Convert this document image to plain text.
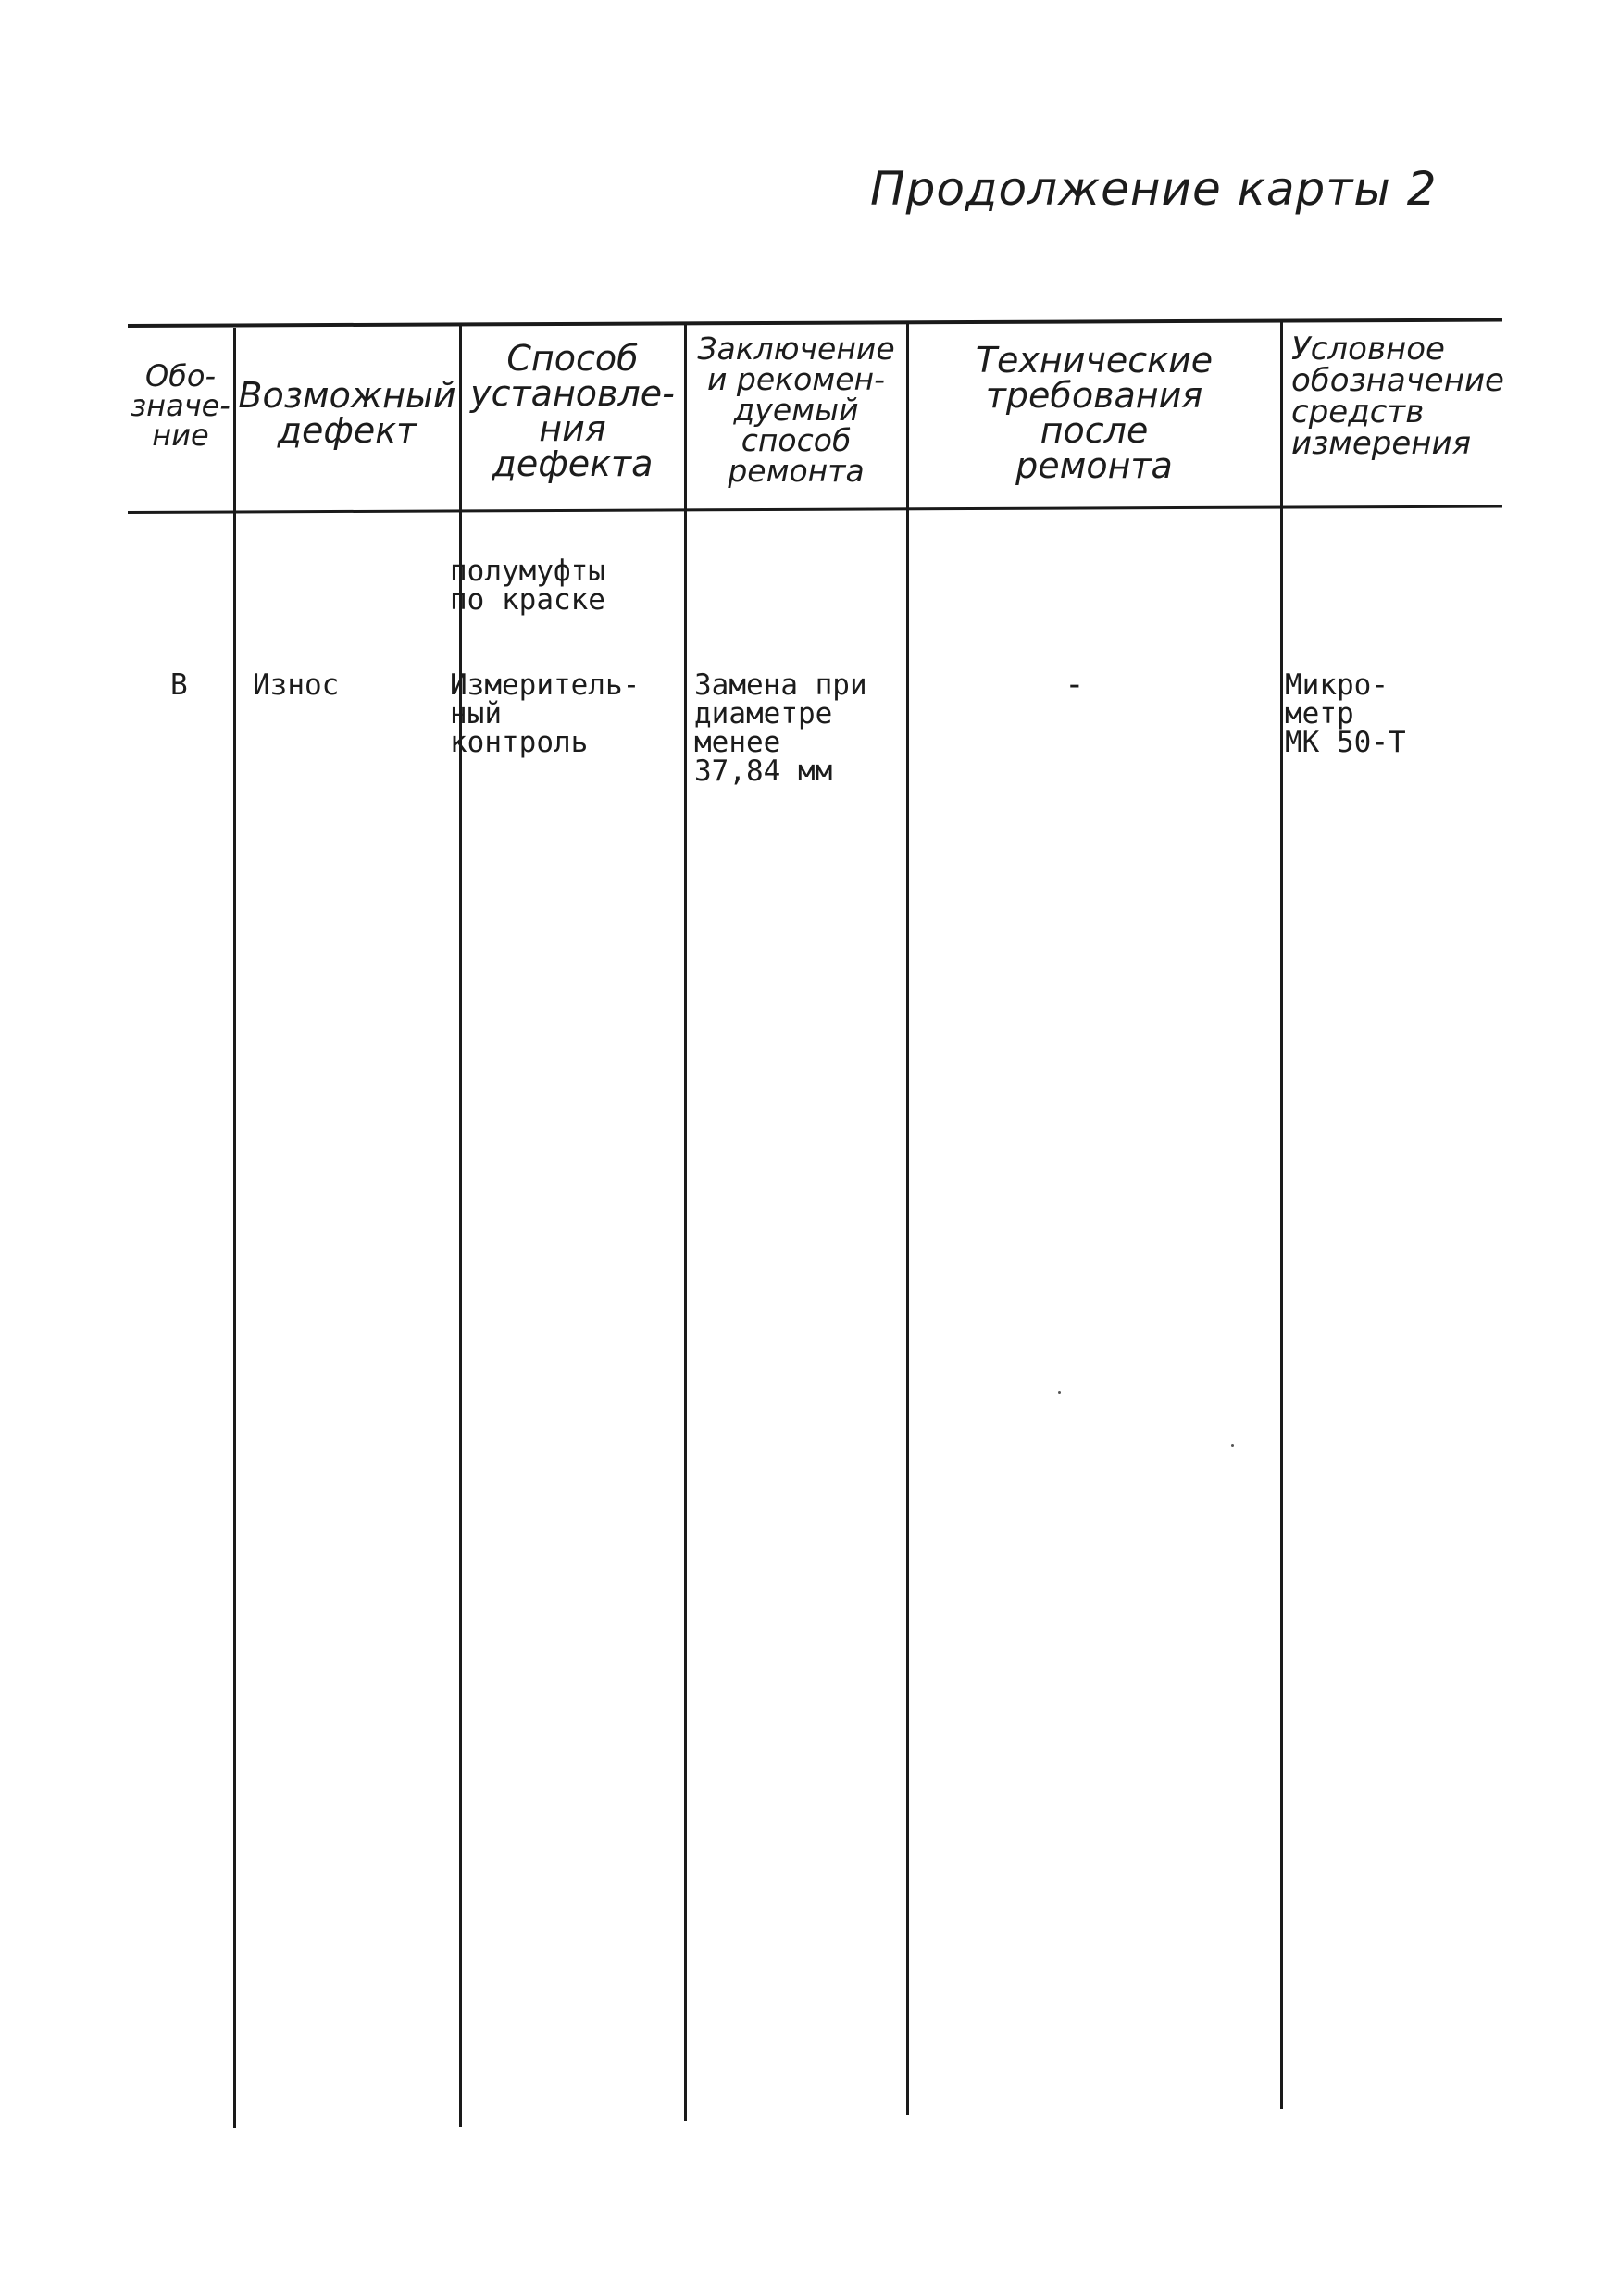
Продолжение карты 2
Обо-
значе-
ние
Возможный
дефект
Способ
установле-
ния
дефекта
Заключение
и рекомен-
дуемый
способ
ремонта
Технические
требования
после
ремонта
Условное
обозначение
средств
измерения
полумуфты
по краске
В Износ	Измеритель-
ный
контроль
Замена при
диаметре
менее
37,84 мм
-	Микро-
метр
МК 50-Т
